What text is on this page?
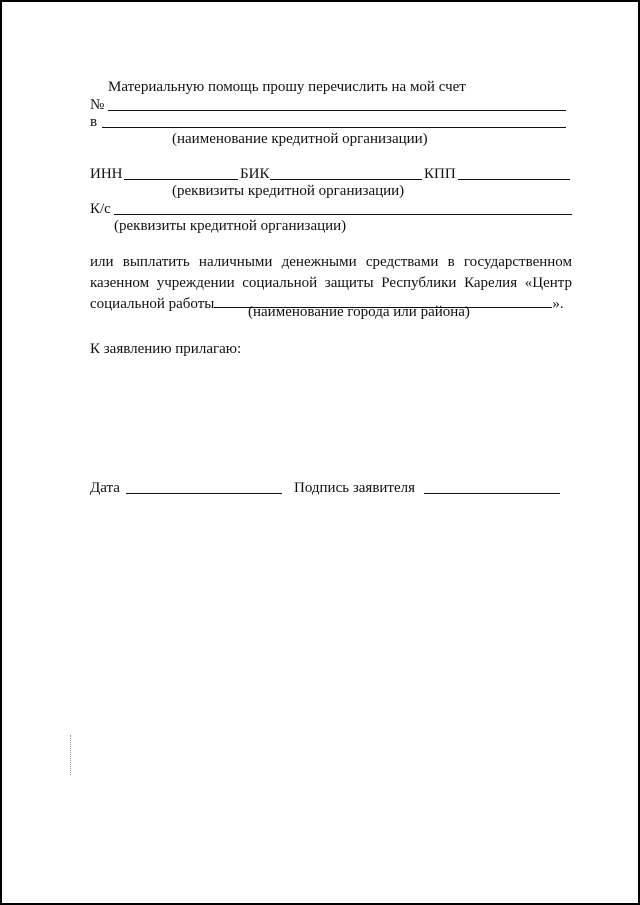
Материальную помощь прошу перечислить на мой счет
№
в
(наименование кредитной организации)
ИНН	БИК	КПП
(реквизиты кредитной организации)
К/с
(реквизиты кредитной организации)
или выплатить наличными денежными средствами в государственном казенном учреждении социальной защиты Республики Карелия «Центр социальной работы	».
(наименование города или района)
К заявлению прилагаю:
Дата	Подпись заявителя
